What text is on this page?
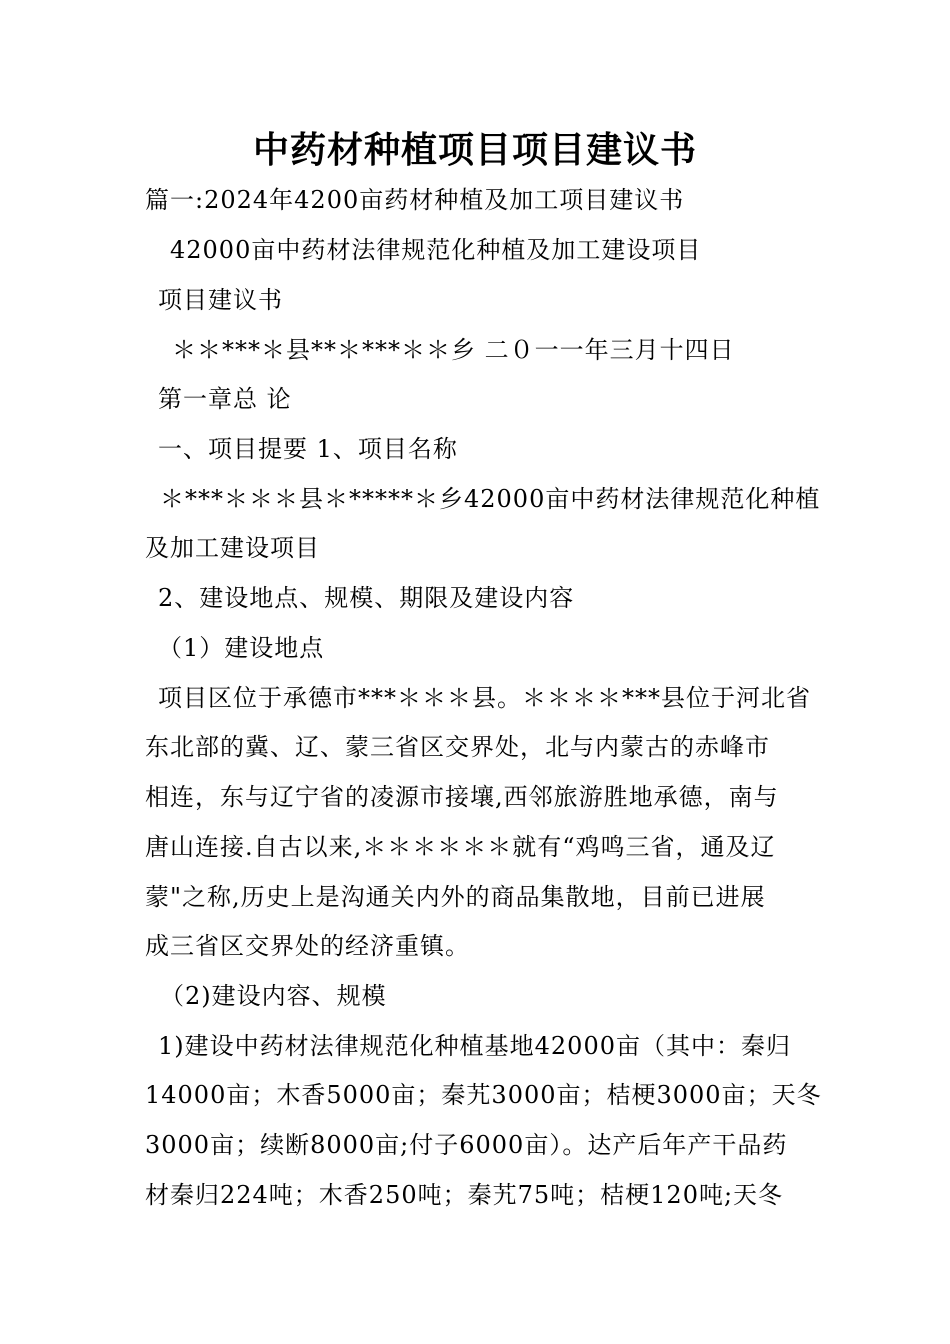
中药材种植项目项目建议书
篇一:2024年4200亩药材种植及加工项目建议书
42000亩中药材法律规范化种植及加工建设项目
项目建议书
＊＊***＊县**＊***＊＊乡 二０一一年三月十四日
第一章总 论
一、项目提要 1、项目名称
＊***＊＊＊县＊*****＊乡42000亩中药材法律规范化种植
及加工建设项目
2、建设地点、规模、期限及建设内容
（1）建设地点
项目区位于承德市***＊＊＊县。＊＊＊＊***县位于河北省
东北部的冀、辽、蒙三省区交界处，北与内蒙古的赤峰市
相连，东与辽宁省的凌源市接壤,西邻旅游胜地承德，南与
唐山连接.自古以来,＊＊＊＊＊＊就有“鸡鸣三省，通及辽
蒙"之称,历史上是沟通关内外的商品集散地，目前已进展
成三省区交界处的经济重镇。
（2)建设内容、规模
1)建设中药材法律规范化种植基地42000亩（其中：秦归
14000亩；木香5000亩；秦艽3000亩；桔梗3000亩；天冬
3000亩；续断8000亩;付子6000亩）。达产后年产干品药
材秦归224吨；木香250吨；秦艽75吨；桔梗120吨;天冬
